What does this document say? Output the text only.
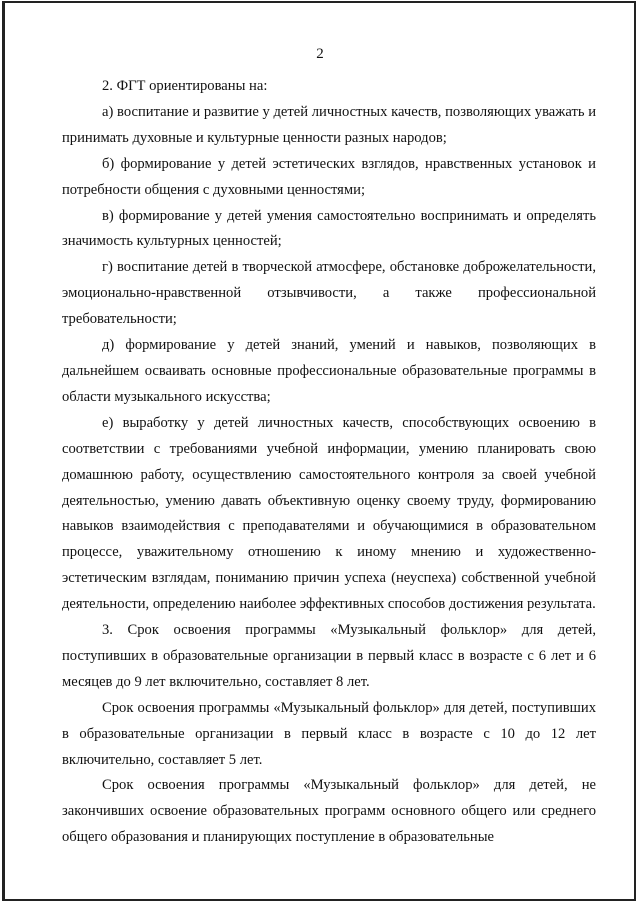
2

2. ФГТ ориентированы на:

а) воспитание и развитие у детей личностных качеств, позволяющих уважать и принимать духовные и культурные ценности разных народов;

б) формирование у детей эстетических взглядов, нравственных установок и потребности общения с духовными ценностями;

в) формирование у детей умения самостоятельно воспринимать и определять значимость культурных ценностей;

г) воспитание детей в творческой атмосфере, обстановке доброжелательности, эмоционально-нравственной отзывчивости, а также профессиональной требовательности;

д) формирование у детей знаний, умений и навыков, позволяющих в дальнейшем осваивать основные профессиональные образовательные программы в области музыкального искусства;

е) выработку у детей личностных качеств, способствующих освоению в соответствии с требованиями учебной информации, умению планировать свою домашнюю работу, осуществлению самостоятельного контроля за своей учебной деятельностью, умению давать объективную оценку своему труду, формированию навыков взаимодействия с преподавателями и обучающимися в образовательном процессе, уважительному отношению к иному мнению и художественно-эстетическим взглядам, пониманию причин успеха (неуспеха) собственной учебной деятельности, определению наиболее эффективных способов достижения результата.

3. Срок освоения программы «Музыкальный фольклор» для детей, поступивших в образовательные организации в первый класс в возрасте с 6 лет и 6 месяцев до 9 лет включительно, составляет 8 лет.

Срок освоения программы «Музыкальный фольклор» для детей, поступивших в образовательные организации в первый класс в возрасте с 10 до 12 лет включительно, составляет 5 лет.

Срок освоения программы «Музыкальный фольклор» для детей, не закончивших освоение образовательных программ основного общего или среднего общего образования и планирующих поступление в образовательные
